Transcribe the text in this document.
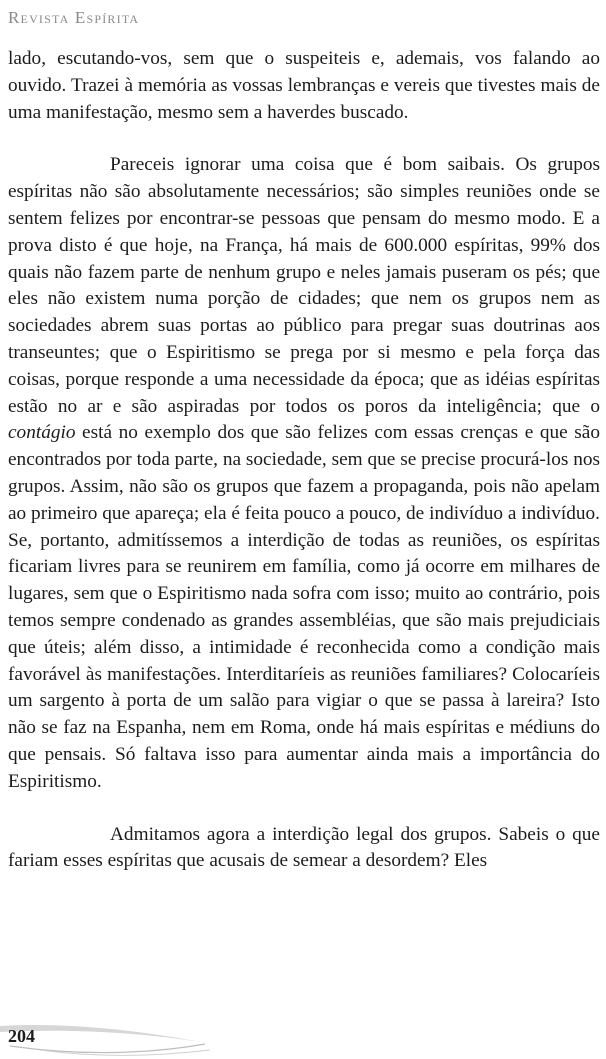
Revista Espírita

lado, escutando-vos, sem que o suspeiteis e, ademais, vos falando ao ouvido. Trazei à memória as vossas lembranças e vereis que tivestes mais de uma manifestação, mesmo sem a haverdes buscado.

Pareceis ignorar uma coisa que é bom saibais. Os grupos espíritas não são absolutamente necessários; são simples reuniões onde se sentem felizes por encontrar-se pessoas que pensam do mesmo modo. E a prova disto é que hoje, na França, há mais de 600.000 espíritas, 99% dos quais não fazem parte de nenhum grupo e neles jamais puseram os pés; que eles não existem numa porção de cidades; que nem os grupos nem as sociedades abrem suas portas ao público para pregar suas doutrinas aos transeuntes; que o Espiritismo se prega por si mesmo e pela força das coisas, porque responde a uma necessidade da época; que as idéias espíritas estão no ar e são aspiradas por todos os poros da inteligência; que o contágio está no exemplo dos que são felizes com essas crenças e que são encontrados por toda parte, na sociedade, sem que se precise procurá-los nos grupos. Assim, não são os grupos que fazem a propaganda, pois não apelam ao primeiro que apareça; ela é feita pouco a pouco, de indivíduo a indivíduo. Se, portanto, admitíssemos a interdição de todas as reuniões, os espíritas ficariam livres para se reunirem em família, como já ocorre em milhares de lugares, sem que o Espiritismo nada sofra com isso; muito ao contrário, pois temos sempre condenado as grandes assembléias, que são mais prejudiciais que úteis; além disso, a intimidade é reconhecida como a condição mais favorável às manifestações. Interditaríeis as reuniões familiares? Colocaríeis um sargento à porta de um salão para vigiar o que se passa à lareira? Isto não se faz na Espanha, nem em Roma, onde há mais espíritas e médiuns do que pensais. Só faltava isso para aumentar ainda mais a importância do Espiritismo.

Admitamos agora a interdição legal dos grupos. Sabeis o que fariam esses espíritas que acusais de semear a desordem? Eles

204
